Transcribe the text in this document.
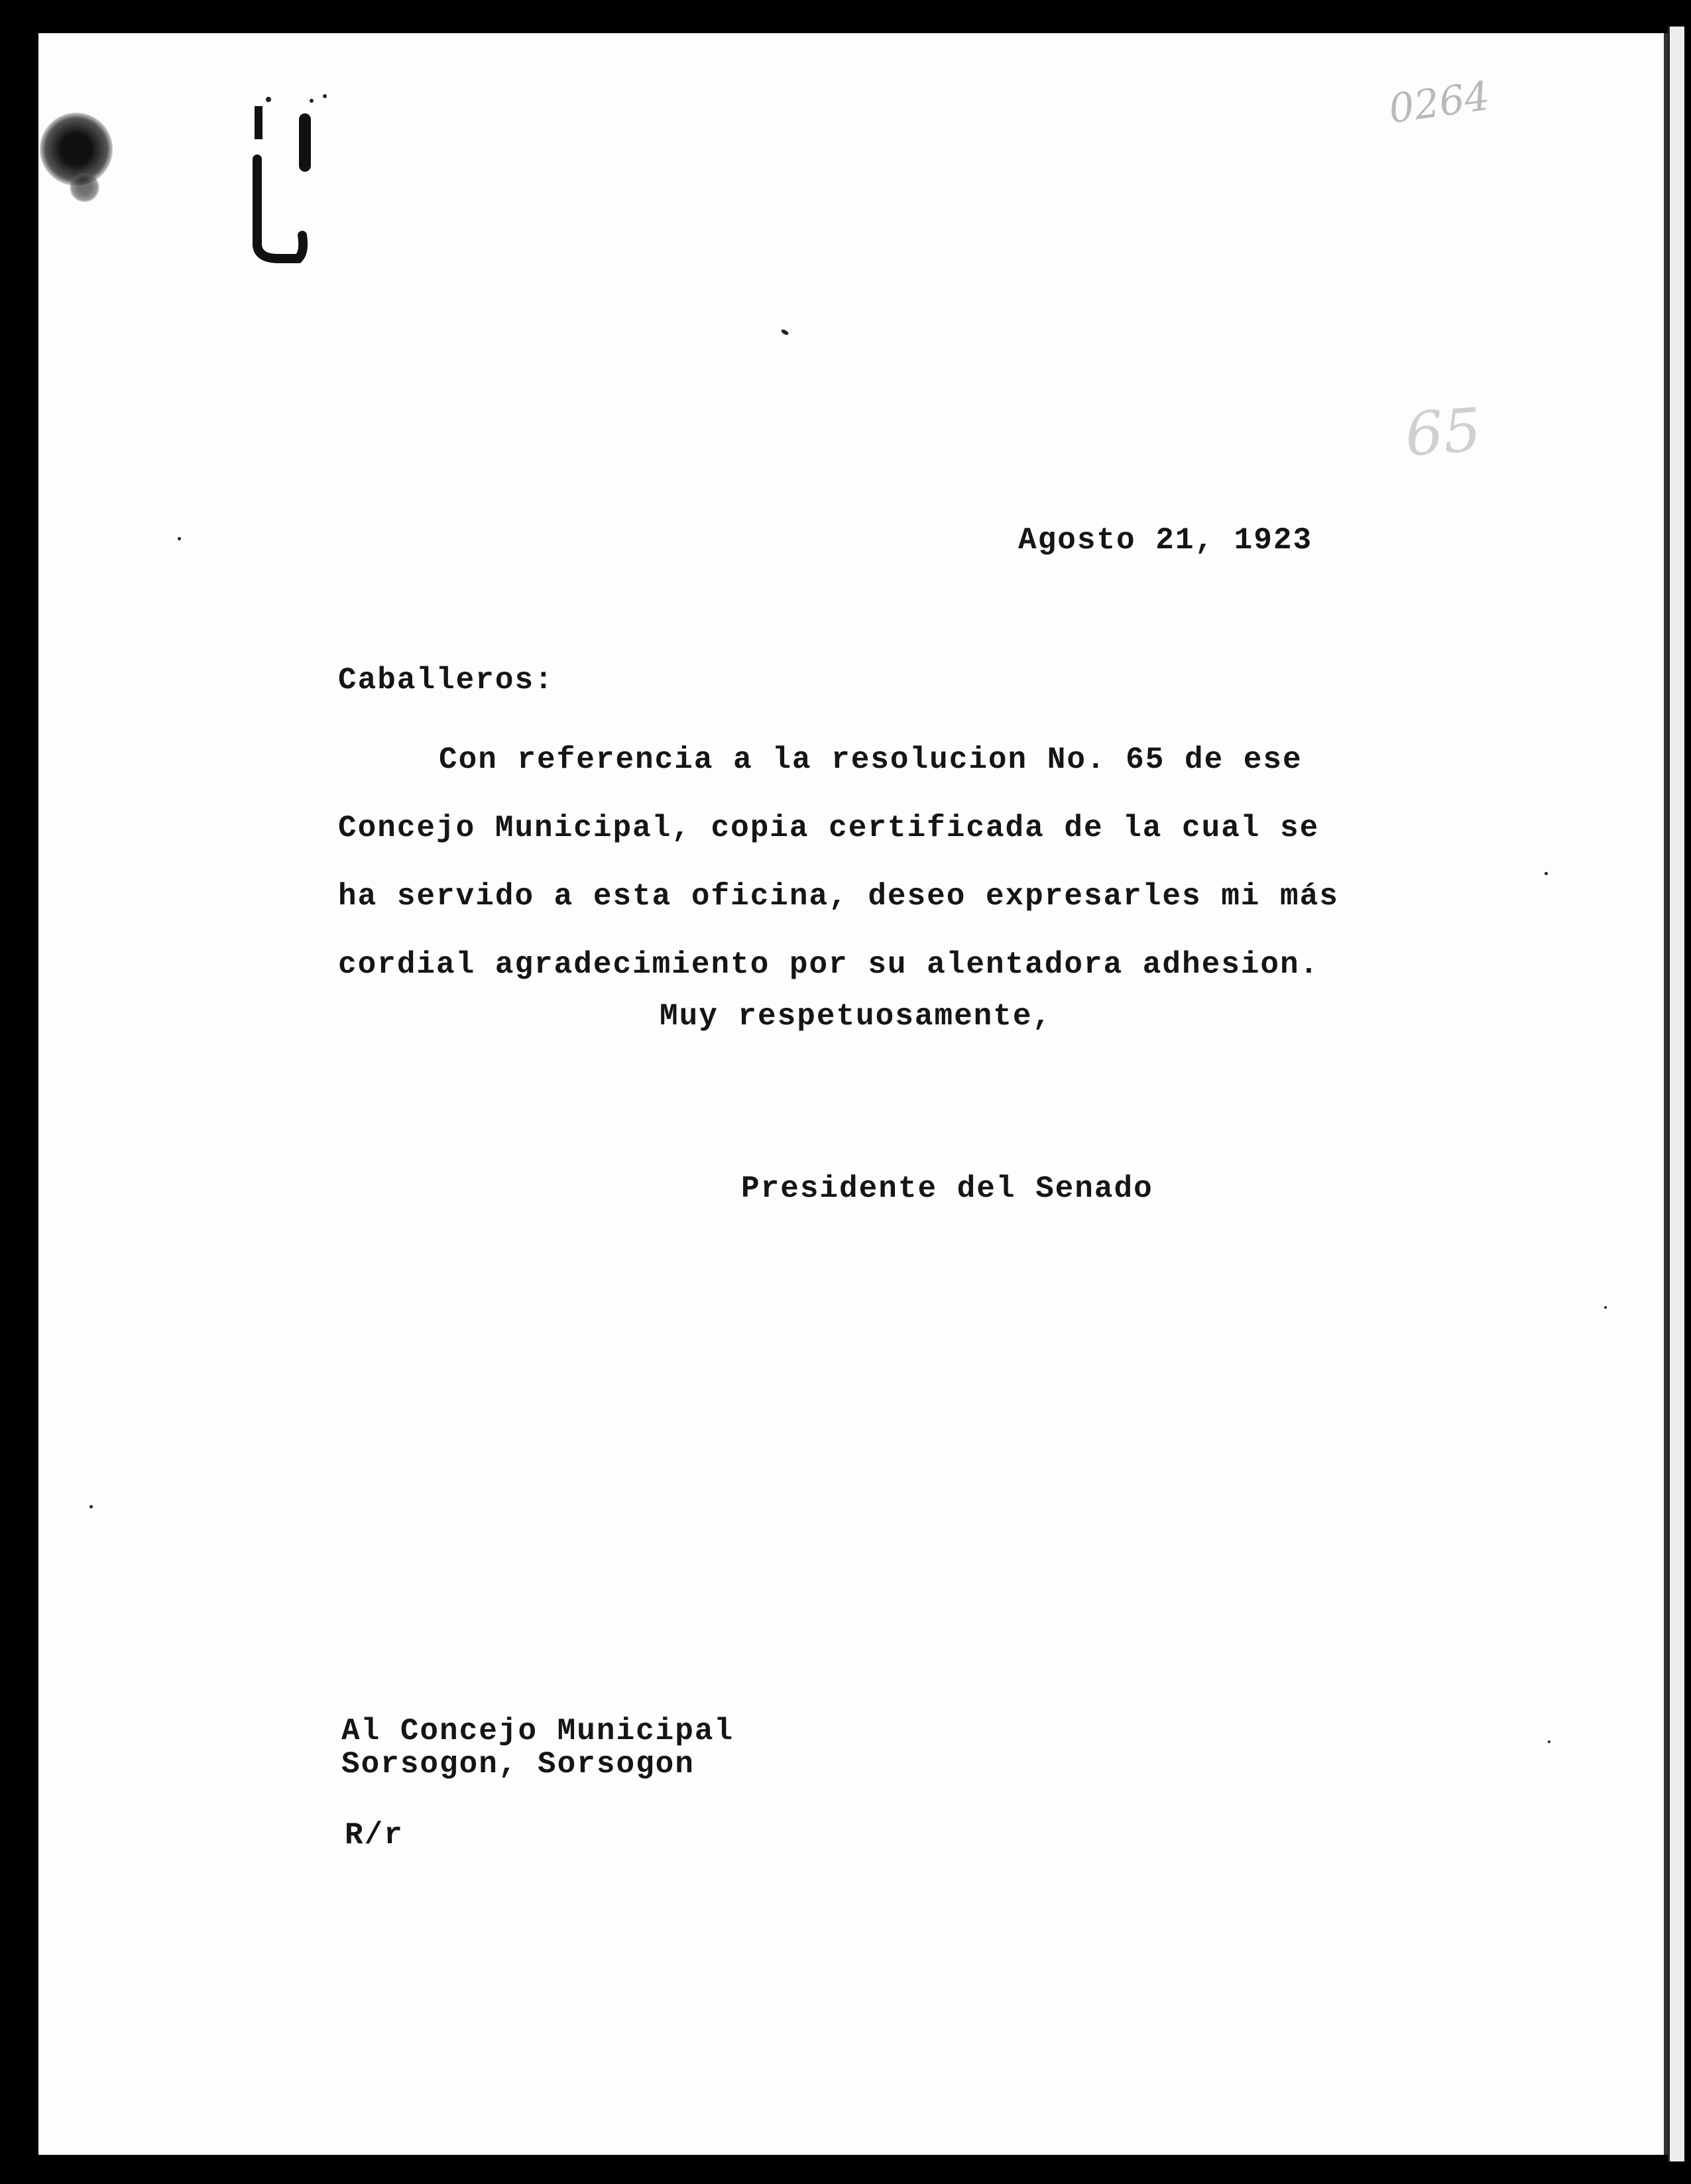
0264
65
Agosto 21, 1923
Caballeros:
Con referencia a la resolucion No. 65 de ese
Concejo Municipal, copia certificada de la cual se
ha servido a esta oficina, deseo expresarles mi más
cordial agradecimiento por su alentadora adhesion.
Muy respetuosamente,
Presidente del Senado
Al Concejo Municipal
Sorsogon, Sorsogon
R/r
